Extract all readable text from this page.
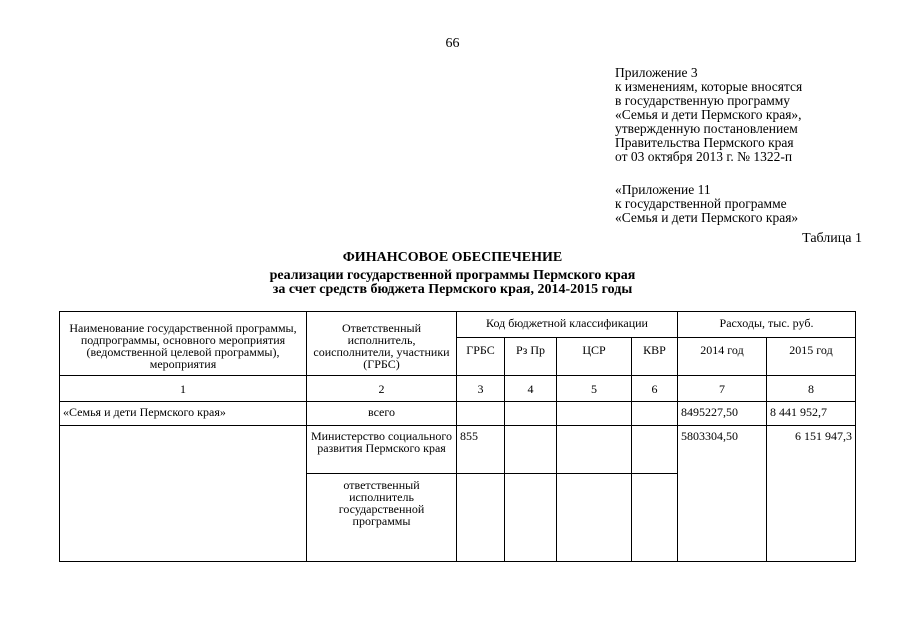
66
Приложение 3
к изменениям, которые вносятся
в государственную программу
«Семья и дети Пермского края»,
утвержденную постановлением
Правительства Пермского края
от 03 октября 2013 г. № 1322-п
«Приложение 11
к государственной программе
«Семья и дети Пермского края»
Таблица 1
ФИНАНСОВОЕ ОБЕСПЕЧЕНИЕ
реализации государственной программы Пермского края
за счет средств бюджета Пермского края, 2014-2015 годы
Наименование государственной программы, подпрограммы, основного мероприятия (ведомственной целевой программы), мероприятия	Ответственный исполнитель, соисполнители, участники (ГРБС)	Код бюджетной классификации				Расходы, тыс. руб.	
		ГРБС	Рз Пр	ЦСР	КВР	2014 год	2015 год
1	2	3	4	5	6	7	8
«Семья и дети Пермского края»	всего					8495227,50	8 441 952,7
	Министерство социального развития Пермского края	855				5803304,50	6 151 947,3
	ответственный исполнитель государственной программы						
